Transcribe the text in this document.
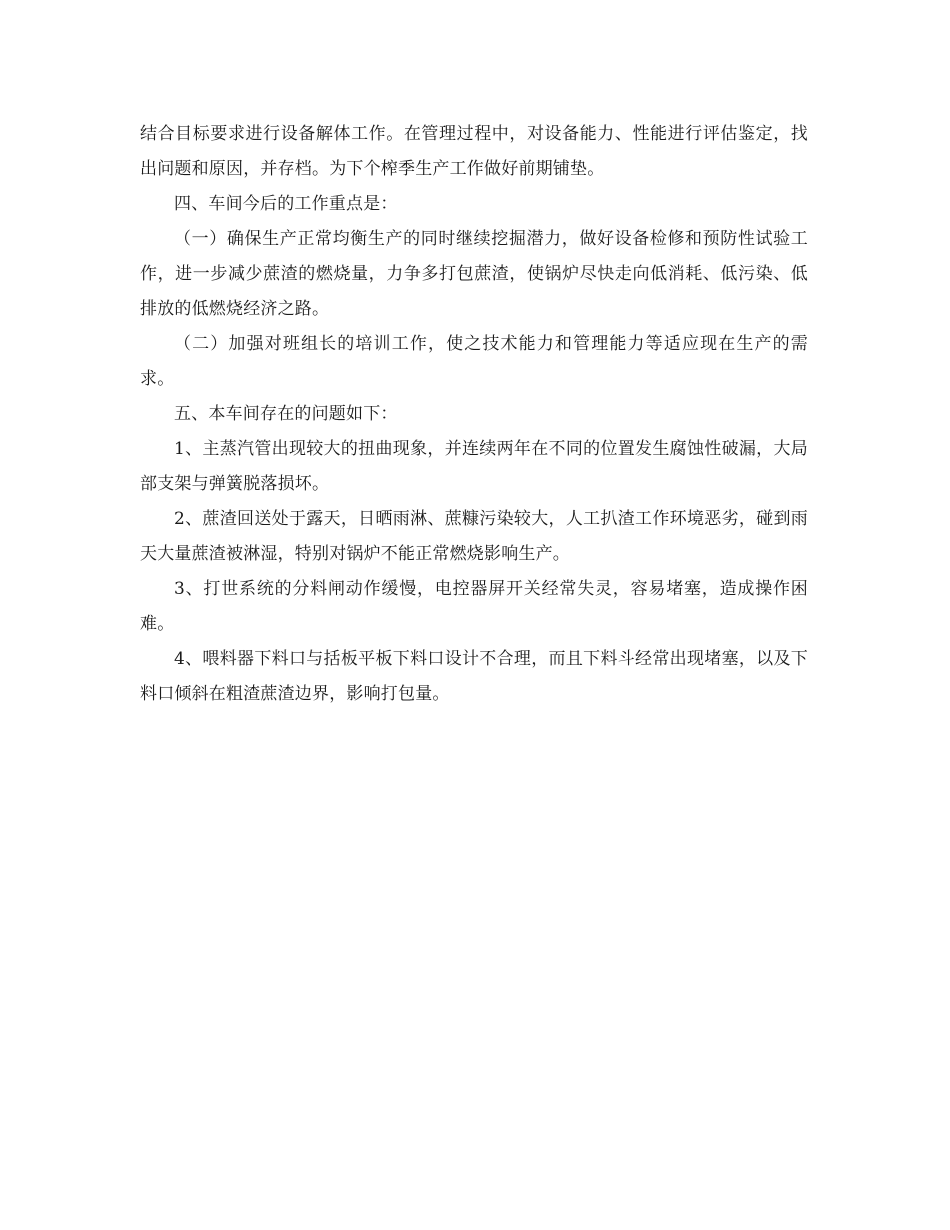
结合目标要求进行设备解体工作。在管理过程中，对设备能力、性能进行评估鉴定，找出问题和原因，并存档。为下个榨季生产工作做好前期铺垫。

四、车间今后的工作重点是：

（一）确保生产正常均衡生产的同时继续挖掘潜力，做好设备检修和预防性试验工作，进一步减少蔗渣的燃烧量，力争多打包蔗渣，使锅炉尽快走向低消耗、低污染、低排放的低燃烧经济之路。

（二）加强对班组长的培训工作，使之技术能力和管理能力等适应现在生产的需求。

五、本车间存在的问题如下：

1、主蒸汽管出现较大的扭曲现象，并连续两年在不同的位置发生腐蚀性破漏，大局部支架与弹簧脱落损坏。

2、蔗渣回送处于露天，日晒雨淋、蔗糠污染较大，人工扒渣工作环境恶劣，碰到雨天大量蔗渣被淋湿，特别对锅炉不能正常燃烧影响生产。

3、打世系统的分料闸动作缓慢，电控器屏开关经常失灵，容易堵塞，造成操作困难。

4、喂料器下料口与括板平板下料口设计不合理，而且下料斗经常出现堵塞，以及下料口倾斜在粗渣蔗渣边界，影响打包量。
